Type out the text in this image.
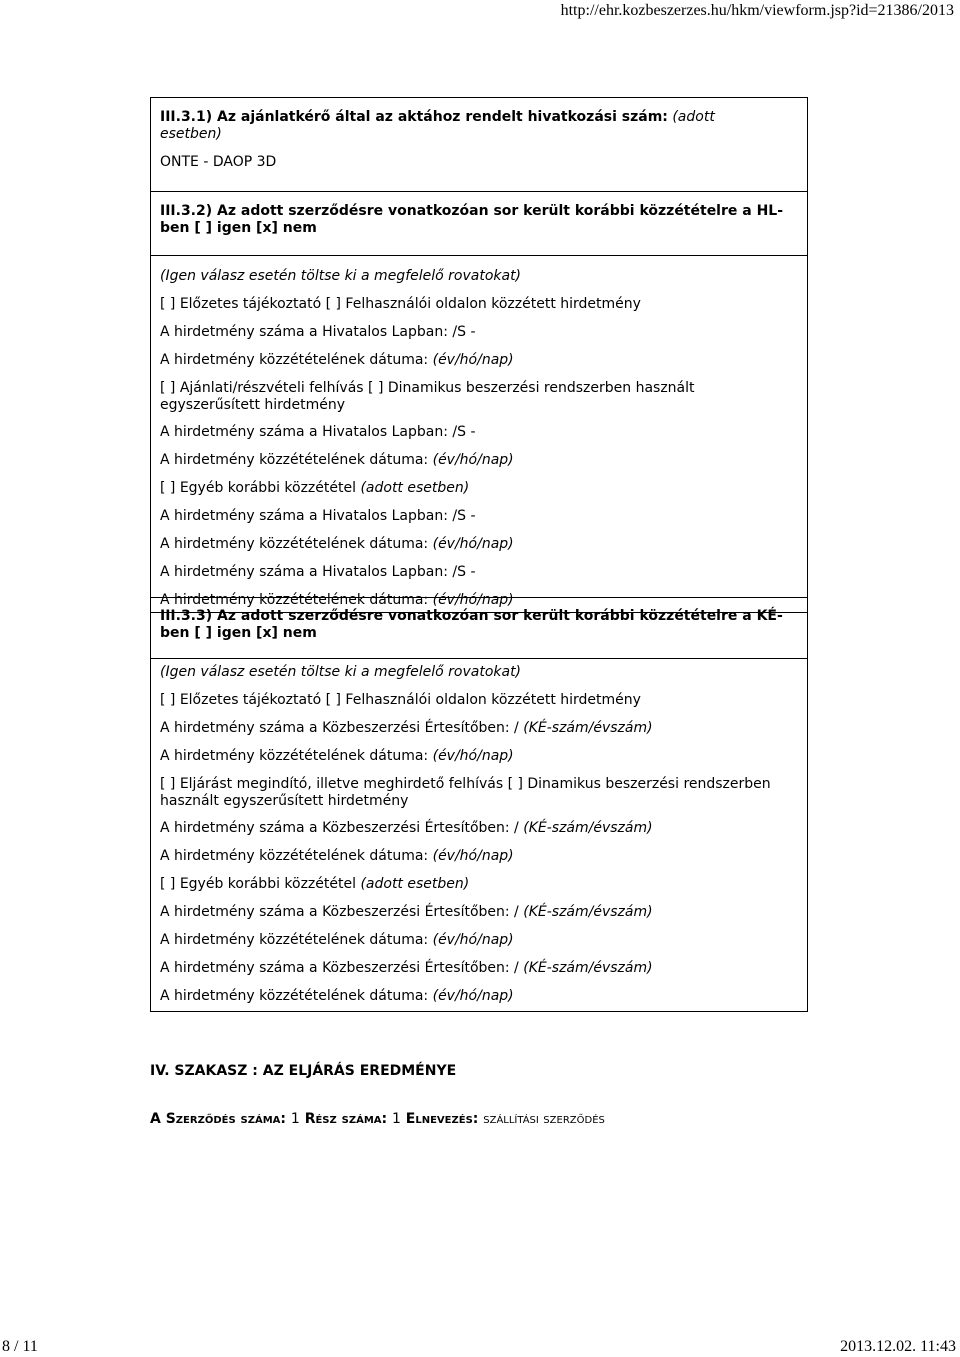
http://ehr.kozbeszerzes.hu/hkm/viewform.jsp?id=21386/2013
III.3.1) Az ajánlatkérő által az aktához rendelt hivatkozási szám: (adott esetben)
ONTE - DAOP 3D
III.3.2) Az adott szerződésre vonatkozóan sor került korábbi közzétételre a HL-ben [ ] igen [x] nem
(Igen válasz esetén töltse ki a megfelelő rovatokat)
[ ] Előzetes tájékoztató [ ] Felhasználói oldalon közzétett hirdetmény
A hirdetmény száma a Hivatalos Lapban: /S -
A hirdetmény közzétételének dátuma: (év/hó/nap)
[ ] Ajánlati/részvételi felhívás [ ] Dinamikus beszerzési rendszerben használt egyszerűsített hirdetmény
A hirdetmény száma a Hivatalos Lapban: /S -
A hirdetmény közzétételének dátuma: (év/hó/nap)
[ ] Egyéb korábbi közzététel (adott esetben)
A hirdetmény száma a Hivatalos Lapban: /S -
A hirdetmény közzétételének dátuma: (év/hó/nap)
A hirdetmény száma a Hivatalos Lapban: /S -
A hirdetmény közzétételének dátuma: (év/hó/nap)
III.3.3) Az adott szerződésre vonatkozóan sor került korábbi közzétételre a KÉ-ben [ ] igen [x] nem
(Igen válasz esetén töltse ki a megfelelő rovatokat)
[ ] Előzetes tájékoztató [ ] Felhasználói oldalon közzétett hirdetmény
A hirdetmény száma a Közbeszerzési Értesítőben: / (KÉ-szám/évszám)
A hirdetmény közzétételének dátuma: (év/hó/nap)
[ ] Eljárást megindító, illetve meghirdető felhívás [ ] Dinamikus beszerzési rendszerben használt egyszerűsített hirdetmény
A hirdetmény száma a Közbeszerzési Értesítőben: / (KÉ-szám/évszám)
A hirdetmény közzétételének dátuma: (év/hó/nap)
[ ] Egyéb korábbi közzététel (adott esetben)
A hirdetmény száma a Közbeszerzési Értesítőben: / (KÉ-szám/évszám)
A hirdetmény közzétételének dátuma: (év/hó/nap)
A hirdetmény száma a Közbeszerzési Értesítőben: / (KÉ-szám/évszám)
A hirdetmény közzétételének dátuma: (év/hó/nap)
IV. SZAKASZ : AZ ELJÁRÁS EREDMÉNYE
A Szerződés száma: 1 Rész száma: 1 Elnevezés: szállítási szerződés
8 / 11	2013.12.02. 11:43
